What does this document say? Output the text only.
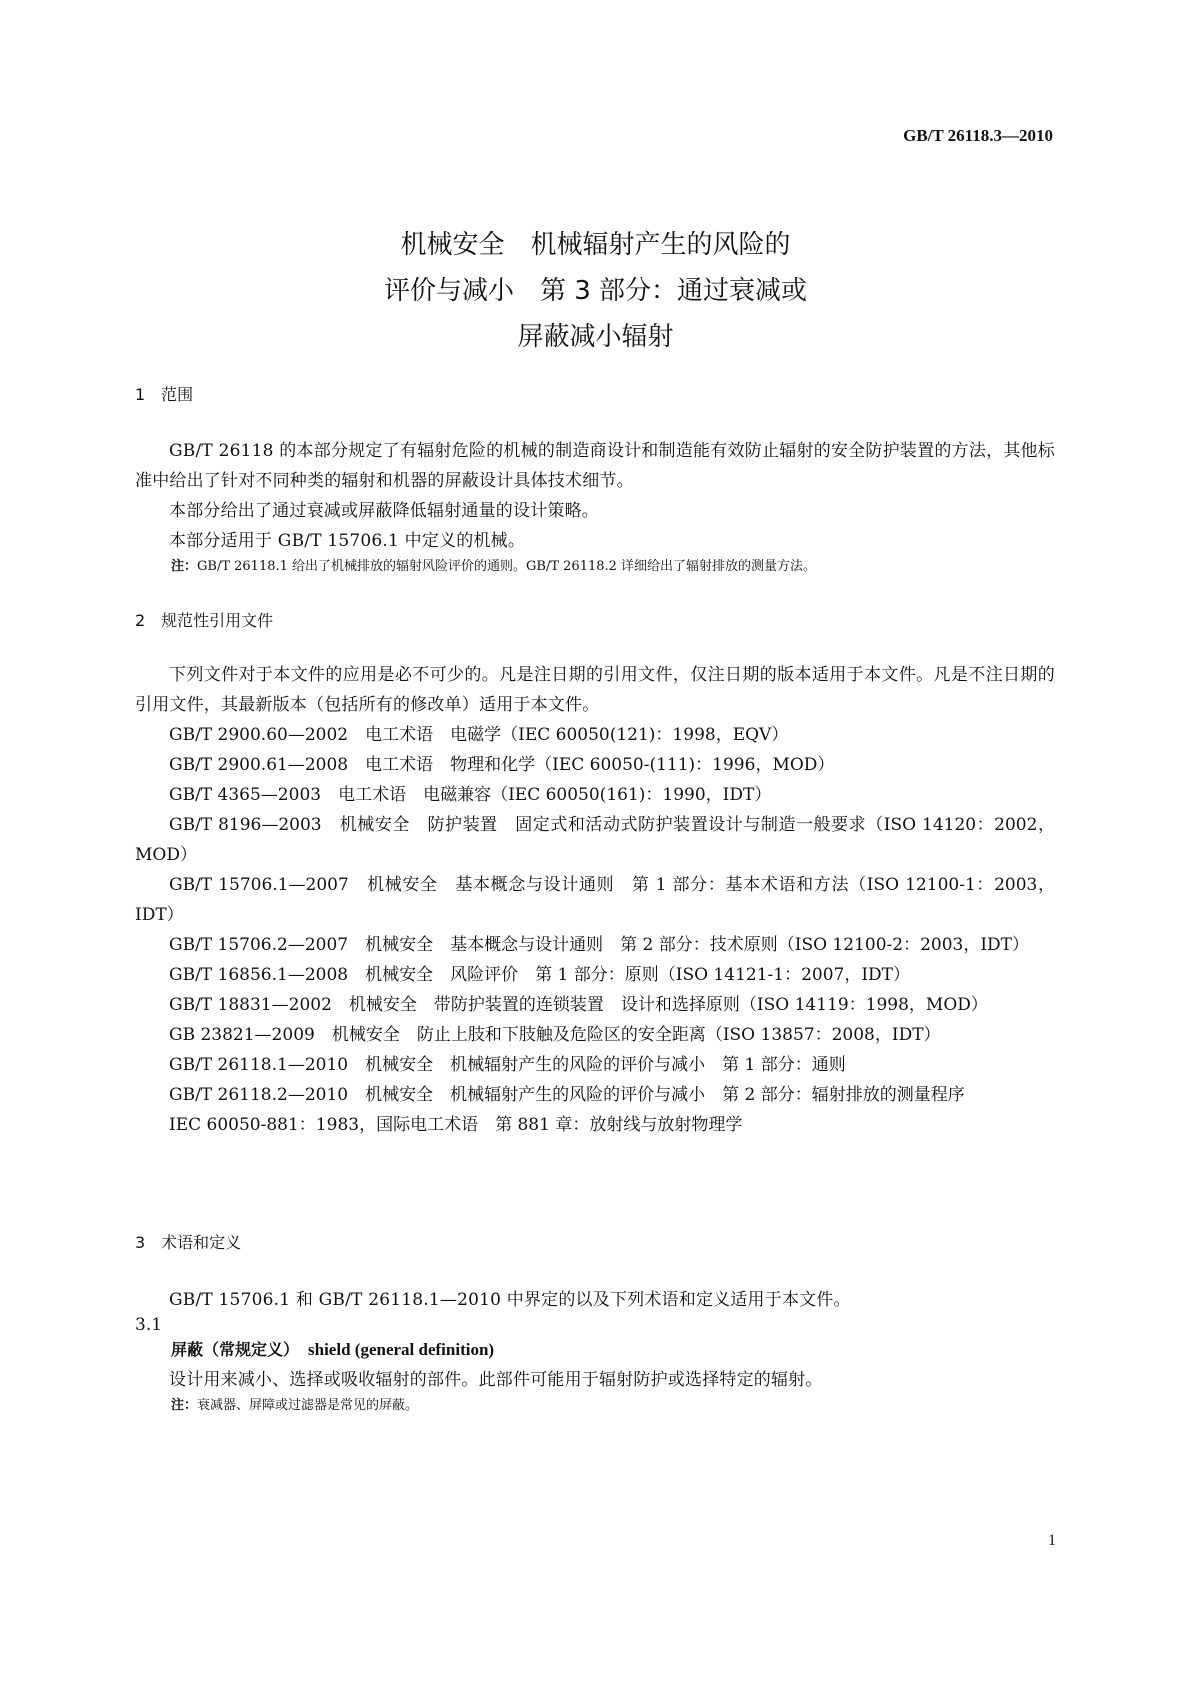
GB/T 26118.3—2010
机械安全　机械辐射产生的风险的
评价与减小　第 3 部分：通过衰减或
屏蔽减小辐射
1　范围

GB/T 26118 的本部分规定了有辐射危险的机械的制造商设计和制造能有效防止辐射的安全防护装置的方法，其他标准中给出了针对不同种类的辐射和机器的屏蔽设计具体技术细节。

本部分给出了通过衰减或屏蔽降低辐射通量的设计策略。

本部分适用于 GB/T 15706.1 中定义的机械。

注：GB/T 26118.1 给出了机械排放的辐射风险评价的通则。GB/T 26118.2 详细给出了辐射排放的测量方法。

2　规范性引用文件

下列文件对于本文件的应用是必不可少的。凡是注日期的引用文件，仅注日期的版本适用于本文件。凡是不注日期的引用文件，其最新版本（包括所有的修改单）适用于本文件。

GB/T 2900.60—2002　电工术语　电磁学（IEC 60050(121)：1998，EQV）

GB/T 2900.61—2008　电工术语　物理和化学（IEC 60050-(111)：1996，MOD）

GB/T 4365—2003　电工术语　电磁兼容（IEC 60050(161)：1990，IDT）

GB/T 8196—2003　机械安全　防护装置　固定式和活动式防护装置设计与制造一般要求（ISO 14120：2002，MOD）

GB/T 15706.1—2007　机械安全　基本概念与设计通则　第 1 部分：基本术语和方法（ISO 12100-1：2003，IDT）

GB/T 15706.2—2007　机械安全　基本概念与设计通则　第 2 部分：技术原则（ISO 12100-2：2003，IDT）

GB/T 16856.1—2008　机械安全　风险评价　第 1 部分：原则（ISO 14121-1：2007，IDT）

GB/T 18831—2002　机械安全　带防护装置的连锁装置　设计和选择原则（ISO 14119：1998，MOD）

GB 23821—2009　机械安全　防止上肢和下肢触及危险区的安全距离（ISO 13857：2008，IDT）

GB/T 26118.1—2010　机械安全　机械辐射产生的风险的评价与减小　第 1 部分：通则

GB/T 26118.2—2010　机械安全　机械辐射产生的风险的评价与减小　第 2 部分：辐射排放的测量程序

IEC 60050-881：1983，国际电工术语　第 881 章：放射线与放射物理学

3　术语和定义

GB/T 15706.1 和 GB/T 26118.1—2010 中界定的以及下列术语和定义适用于本文件。

3.1

屏蔽（常规定义）　 shield (general definition)

设计用来减小、选择或吸收辐射的部件。此部件可能用于辐射防护或选择特定的辐射。

注：衰减器、屏障或过滤器是常见的屏蔽。

1
